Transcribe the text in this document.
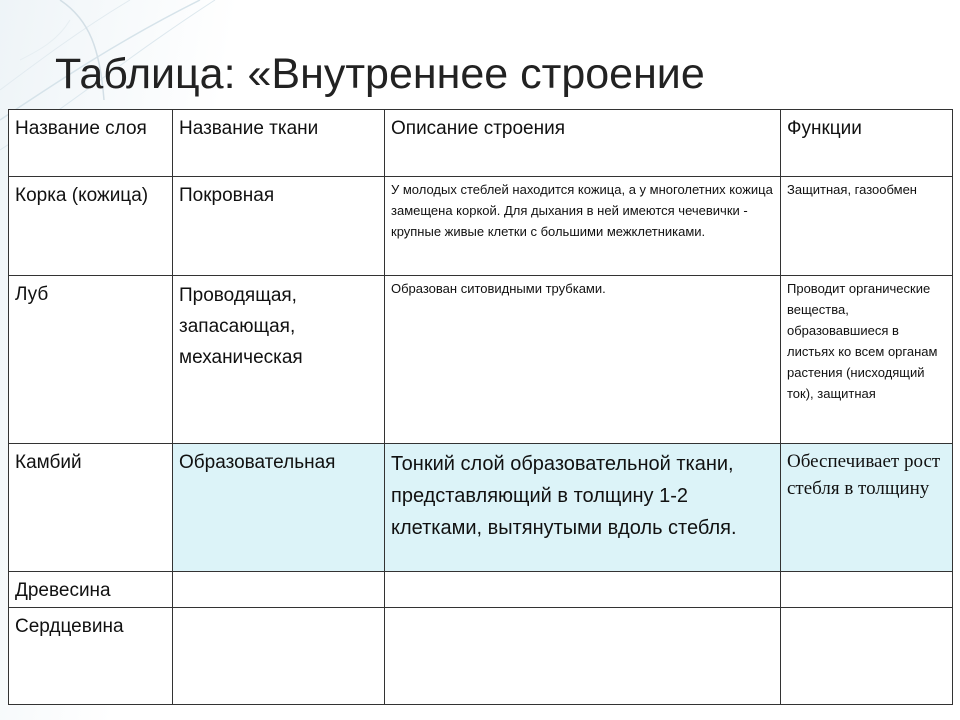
Таблица: «Внутреннее строение
Название слоя	Название ткани	Описание строения	Функции
Корка (кожица)	Покровная	У молодых стеблей находится кожица, а у многолетних кожица замещена коркой. Для дыхания в ней имеются чечевички - крупные живые клетки с большими межклетниками.	Защитная, газообмен
Луб	Проводящая, запасающая, механическая	Образован ситовидными трубками.	Проводит органические вещества, образовавшиеся в листьях ко всем органам растения (нисходящий ток), защитная
Камбий	Образовательная	Тонкий слой образовательной ткани, представляющий в толщину 1-2 клетками, вытянутыми вдоль стебля.	Обеспечивает рост стебля в толщину
Древесина			
Сердцевина			
